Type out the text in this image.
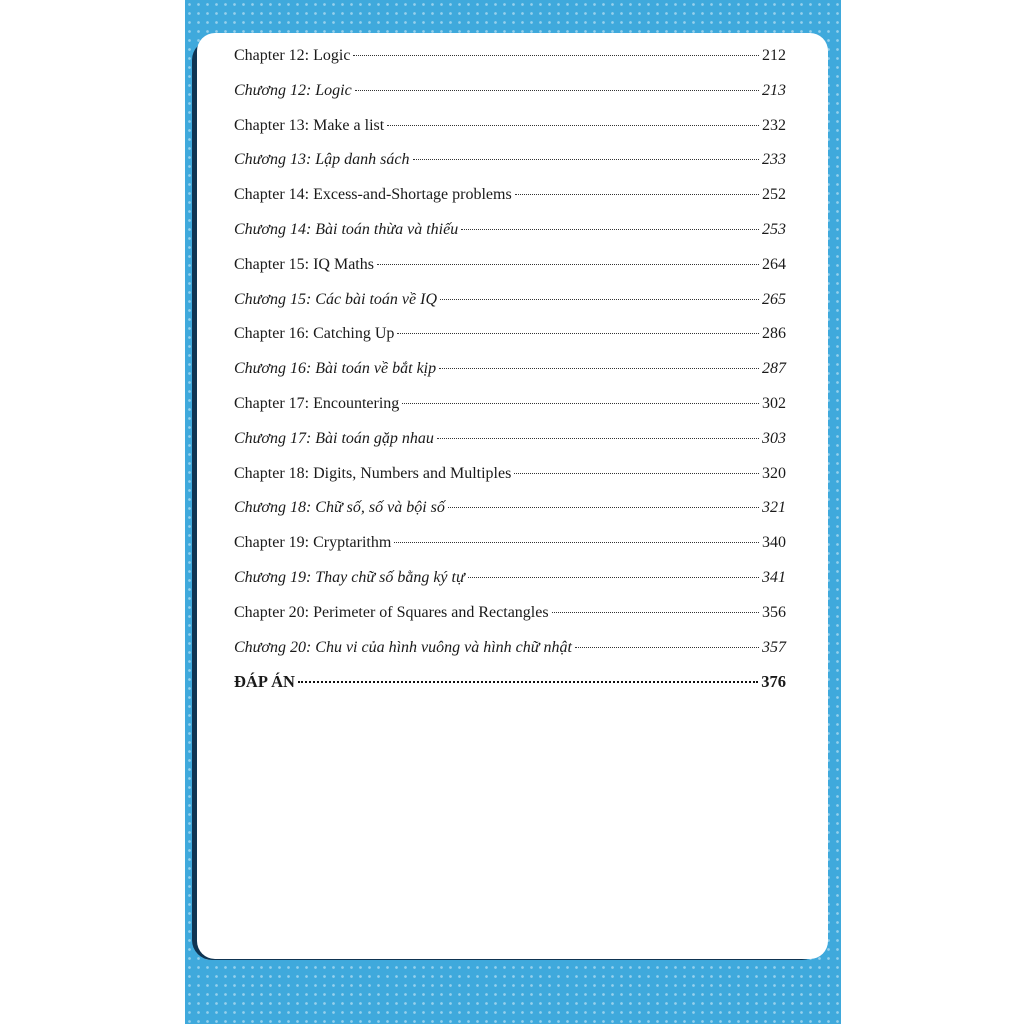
Chapter 12: Logic	212
Chương 12: Logic	213
Chapter 13: Make a list	232
Chương 13: Lập danh sách	233
Chapter 14: Excess-and-Shortage problems	252
Chương 14: Bài toán thừa và thiếu	253
Chapter 15: IQ Maths	264
Chương 15: Các bài toán về IQ	265
Chapter 16: Catching Up	286
Chương 16: Bài toán về bắt kịp	287
Chapter 17: Encountering	302
Chương 17: Bài toán gặp nhau	303
Chapter 18: Digits, Numbers and Multiples	320
Chương 18: Chữ số, số và bội số	321
Chapter 19: Cryptarithm	340
Chương 19: Thay chữ số bằng ký tự	341
Chapter 20: Perimeter of Squares and Rectangles	356
Chương 20: Chu vi của hình vuông và hình chữ nhật	357
ĐÁP ÁN	376
